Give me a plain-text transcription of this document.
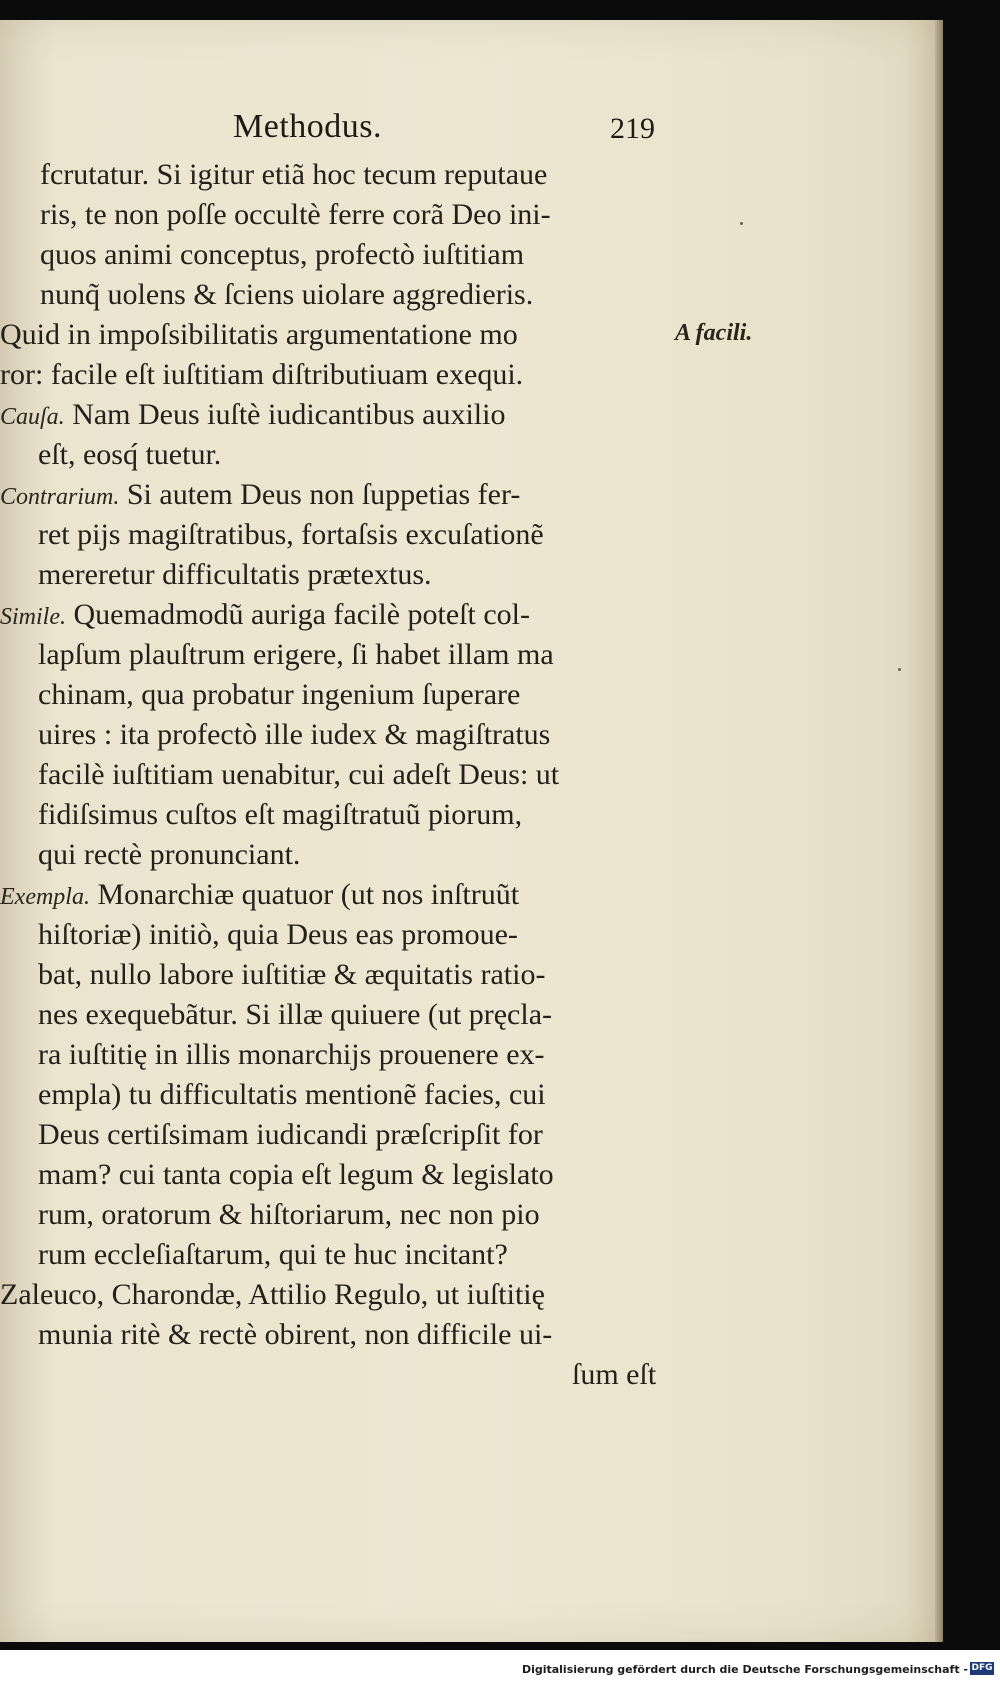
Methodus.	219
A facili.
fcrutatur. Si igitur etiã hoc tecum reputaue
ris, te non poſſe occultè ferre corã Deo ini-
quos animi conceptus, profectò iuſtitiam
nunq̃ uolens & ſciens uiolare aggredieris.
Quid in impoſsibilitatis argumentatione mo
ror: facile eſt iuſtitiam diſtributiuam exequi.
Cauſa. Nam Deus iuſtè iudicantibus auxilio
eſt, eosq́ tuetur.
Contrarium. Si autem Deus non ſuppetias fer-
ret pijs magiſtratibus, fortaſsis excuſationẽ
mereretur difficultatis prætextus.
Simile. Quemadmodũ auriga facilè poteſt col-
lapſum plauſtrum erigere, ſi habet illam ma
chinam, qua probatur ingenium ſuperare
uires : ita profectò ille iudex & magiſtratus
facilè iuſtitiam uenabitur, cui adeſt Deus: ut
fidiſsimus cuſtos eſt magiſtratuũ piorum,
qui rectè pronunciant.
Exempla. Monarchiæ quatuor (ut nos inſtruũt
hiſtoriæ) initiò, quia Deus eas promoue-
bat, nullo labore iuſtitiæ & æquitatis ratio-
nes exequebãtur. Si illæ quiuere (ut pręcla-
ra iuſtitię in illis monarchijs prouenere ex-
empla) tu difficultatis mentionẽ facies, cui
Deus certiſsimam iudicandi præſcripſit for
mam? cui tanta copia eſt legum & legislato
rum, oratorum & hiſtoriarum, nec non pio
rum eccleſiaſtarum, qui te huc incitant?
Zaleuco, Charondæ, Attilio Regulo, ut iuſtitię
munia ritè & rectè obirent, non difficile ui-
ſum eſt
Digitalisierung gefördert durch die Deutsche Forschungsgemeinschaft - DFG
